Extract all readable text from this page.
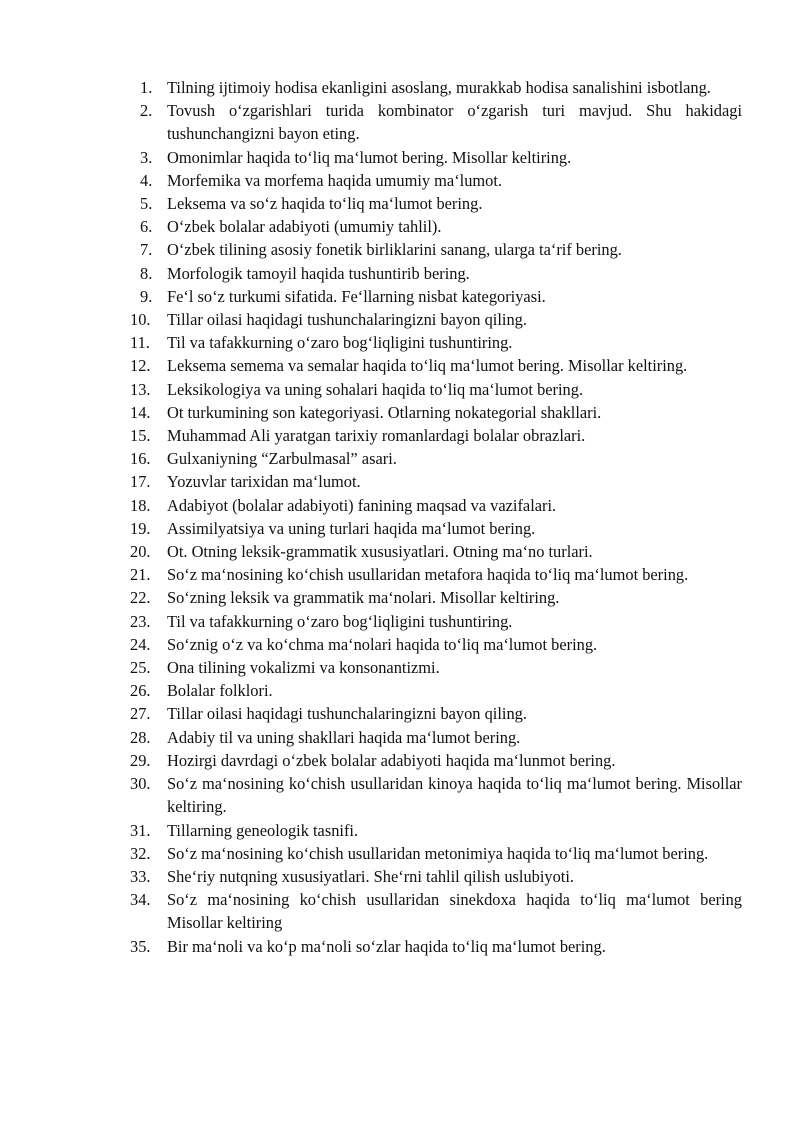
1. Tilning ijtimoiy hodisa ekanligini asoslang, murakkab hodisa sanalishini isbotlang.
2. Tovush o‘zgarishlari turida kombinator o‘zgarish turi mavjud. Shu hakidagi tushunchangizni bayon eting.
3. Omonimlar haqida to‘liq ma‘lumot bering. Misollar keltiring.
4. Morfemika va morfema haqida umumiy ma‘lumot.
5. Leksema va so‘z haqida to‘liq ma‘lumot bering.
6. O‘zbek bolalar adabiyoti (umumiy tahlil).
7. O‘zbek tilining asosiy fonetik birliklarini sanang, ularga ta‘rif bering.
8. Morfologik tamoyil haqida tushuntirib bering.
9. Fe‘l so‘z turkumi sifatida. Fe‘llarning nisbat kategoriyasi.
10.	Tillar oilasi haqidagi tushunchalaringizni bayon qiling.
11.	Til va tafakkurning o‘zaro bog‘liqligini tushuntiring.
12.	Leksema semema va semalar haqida to‘liq ma‘lumot bering. Misollar keltiring.
13.	Leksikologiya va uning sohalari haqida to‘liq ma‘lumot bering.
14.	Ot turkumining son kategoriyasi. Otlarning nokategorial shakllari.
15.	Muhammad Ali yaratgan tarixiy romanlardagi bolalar obrazlari.
16.	Gulxaniyning “Zarbulmasal” asari.
17.	Yozuvlar tarixidan ma‘lumot.
18.	Adabiyot (bolalar adabiyoti) fanining maqsad va vazifalari.
19.	Assimilyatsiya va uning turlari haqida ma‘lumot bering.
20.	Ot. Otning leksik-grammatik xususiyatlari. Otning ma‘no turlari.
21.	So‘z ma‘nosining ko‘chish usullaridan metafora haqida to‘liq ma‘lumot bering.
22.	So‘zning leksik va grammatik ma‘nolari. Misollar keltiring.
23.	Til va tafakkurning o‘zaro bog‘liqligini tushuntiring.
24.	So‘znig o‘z va ko‘chma ma‘nolari haqida to‘liq ma‘lumot bering.
25.	Ona tilining vokalizmi va konsonantizmi.
26.	Bolalar folklori.
27.	Tillar oilasi haqidagi tushunchalaringizni bayon qiling.
28.	Adabiy til va uning shakllari haqida ma‘lumot bering.
29.	Hozirgi davrdagi o‘zbek bolalar adabiyoti haqida ma‘lunmot bering.
30.	So‘z ma‘nosining ko‘chish usullaridan kinoya haqida to‘liq ma‘lumot bering. Misollar keltiring.
31.	Tillarning geneologik tasnifi.
32.	So‘z ma‘nosining ko‘chish usullaridan metonimiya haqida to‘liq ma‘lumot bering.
33.	She‘riy nutqning xususiyatlari. She‘rni tahlil qilish uslubiyoti.
34.	So‘z ma‘nosining ko‘chish usullaridan sinekdoxa haqida to‘liq ma‘lumot bering Misollar keltiring
35.	Bir ma‘noli va ko‘p ma‘noli so‘zlar haqida to‘liq ma‘lumot bering.
